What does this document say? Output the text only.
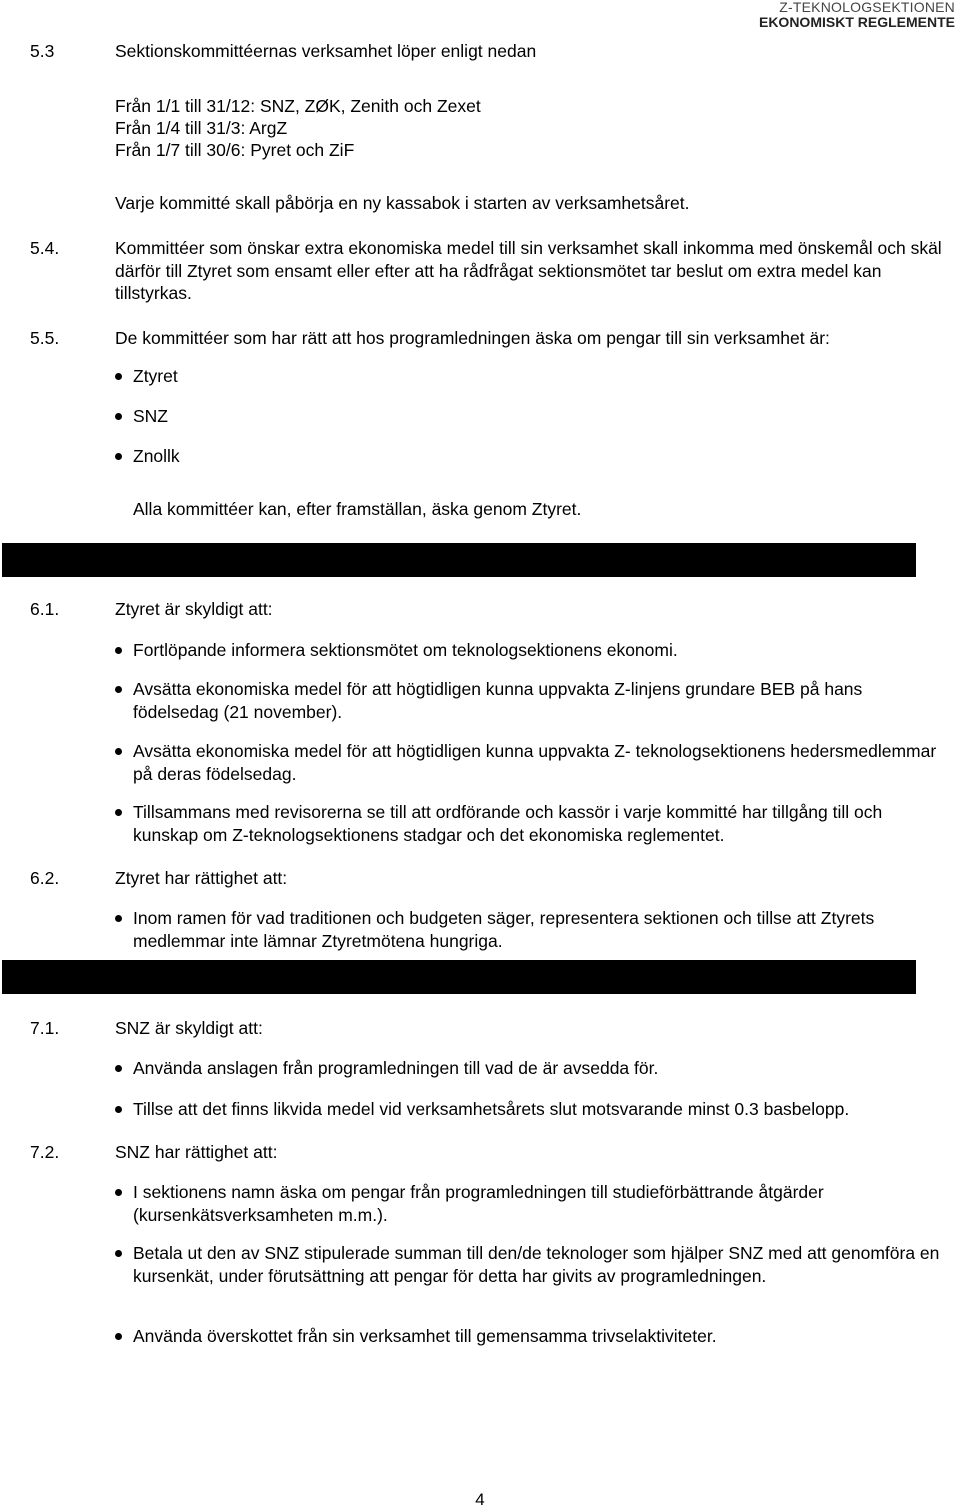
Z-TEKNOLOGSEKTIONEN
EKONOMISKT REGLEMENTE
5.3	Sektionskommittéernas verksamhet löper enligt nedan
Från 1/1 till 31/12: SNZ, ZØK, Zenith och Zexet
Från 1/4 till 31/3: ArgZ
Från 1/7 till 30/6: Pyret och ZiF
Varje kommitté skall påbörja en ny kassabok i starten av verksamhetsåret.
5.4.	Kommittéer som önskar extra ekonomiska medel till sin verksamhet skall inkomma med önskemål och skäl därför till Ztyret som ensamt eller efter att ha rådfrågat sektionsmötet tar beslut om extra medel kan tillstyrkas.
5.5.	De kommittéer som har rätt att hos programledningen äska om pengar till sin verksamhet är:
Ztyret
SNZ
Znollk
Alla kommittéer kan, efter framställan, äska genom Ztyret.
§6 Ztyret
6.1.	Ztyret är skyldigt att:
Fortlöpande informera sektionsmötet om teknologsektionens ekonomi.
Avsätta ekonomiska medel för att högtidligen kunna uppvakta Z-linjens grundare BEB på hans födelsedag (21 november).
Avsätta ekonomiska medel för att högtidligen kunna uppvakta Z- teknologsektionens hedersmedlemmar på deras födelsedag.
Tillsammans med revisorerna se till att ordförande och kassör i varje kommitté har tillgång till och kunskap om Z-teknologsektionens stadgar och det ekonomiska reglementet.
6.2.	Ztyret har rättighet att:
Inom ramen för vad traditionen och budgeten säger, representera sektionen och tillse att Ztyrets medlemmar inte lämnar Ztyretmötena hungriga.
§7 SNZ
7.1.	SNZ är skyldigt att:
Använda anslagen från programledningen till vad de är avsedda för.
Tillse att det finns likvida medel vid verksamhetsårets slut motsvarande minst 0.3 basbelopp.
7.2.	SNZ har rättighet att:
I sektionens namn äska om pengar från programledningen till studieförbättrande åtgärder (kursenkätsverksamheten m.m.).
Betala ut den av SNZ stipulerade summan till den/de teknologer som hjälper SNZ med att genomföra en kursenkät, under förutsättning att pengar för detta har givits av programledningen.
Använda överskottet från sin verksamhet till gemensamma trivselaktiviteter.
4
